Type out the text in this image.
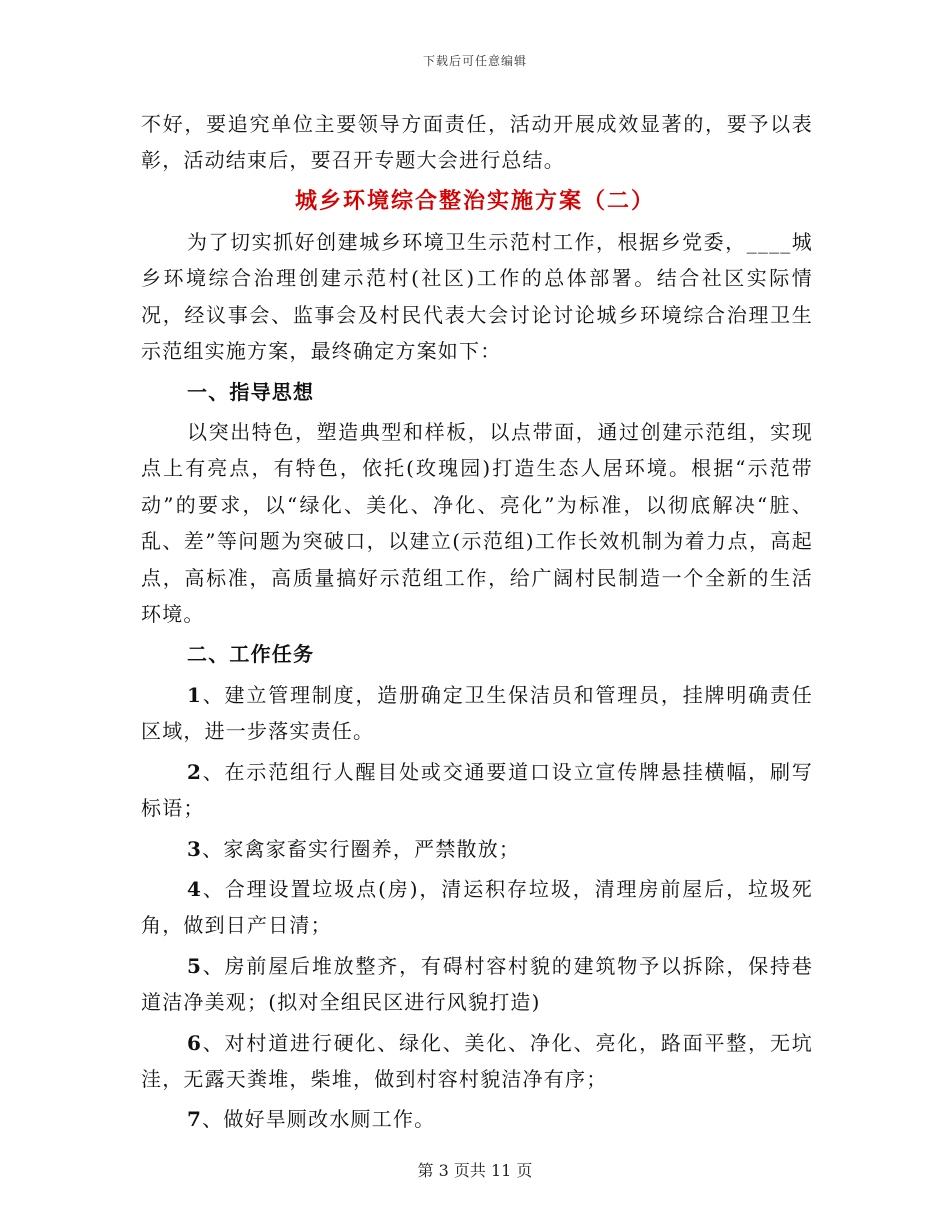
下载后可任意编辑

不好，要追究单位主要领导方面责任，活动开展成效显著的，要予以表彰，活动结束后，要召开专题大会进行总结。

城乡环境综合整治实施方案（二）

为了切实抓好创建城乡环境卫生示范村工作，根据乡党委，____城乡环境综合治理创建示范村(社区)工作的总体部署。结合社区实际情况，经议事会、监事会及村民代表大会讨论讨论城乡环境综合治理卫生示范组实施方案，最终确定方案如下：

一、指导思想

以突出特色，塑造典型和样板，以点带面，通过创建示范组，实现点上有亮点，有特色，依托(玫瑰园)打造生态人居环境。根据“示范带动”的要求，以“绿化、美化、净化、亮化”为标准，以彻底解决“脏、乱、差”等问题为突破口，以建立(示范组)工作长效机制为着力点，高起点，高标准，高质量搞好示范组工作，给广阔村民制造一个全新的生活环境。

二、工作任务

1、建立管理制度，造册确定卫生保洁员和管理员，挂牌明确责任区域，进一步落实责任。

2、在示范组行人醒目处或交通要道口设立宣传牌悬挂横幅，刷写标语；

3、家禽家畜实行圈养，严禁散放；

4、合理设置垃圾点(房)，清运积存垃圾，清理房前屋后，垃圾死角，做到日产日清；

5、房前屋后堆放整齐，有碍村容村貌的建筑物予以拆除，保持巷道洁净美观；(拟对全组民区进行风貌打造)

6、对村道进行硬化、绿化、美化、净化、亮化，路面平整，无坑洼，无露天粪堆，柴堆，做到村容村貌洁净有序；

7、做好旱厕改水厕工作。

第 3 页共 11 页
